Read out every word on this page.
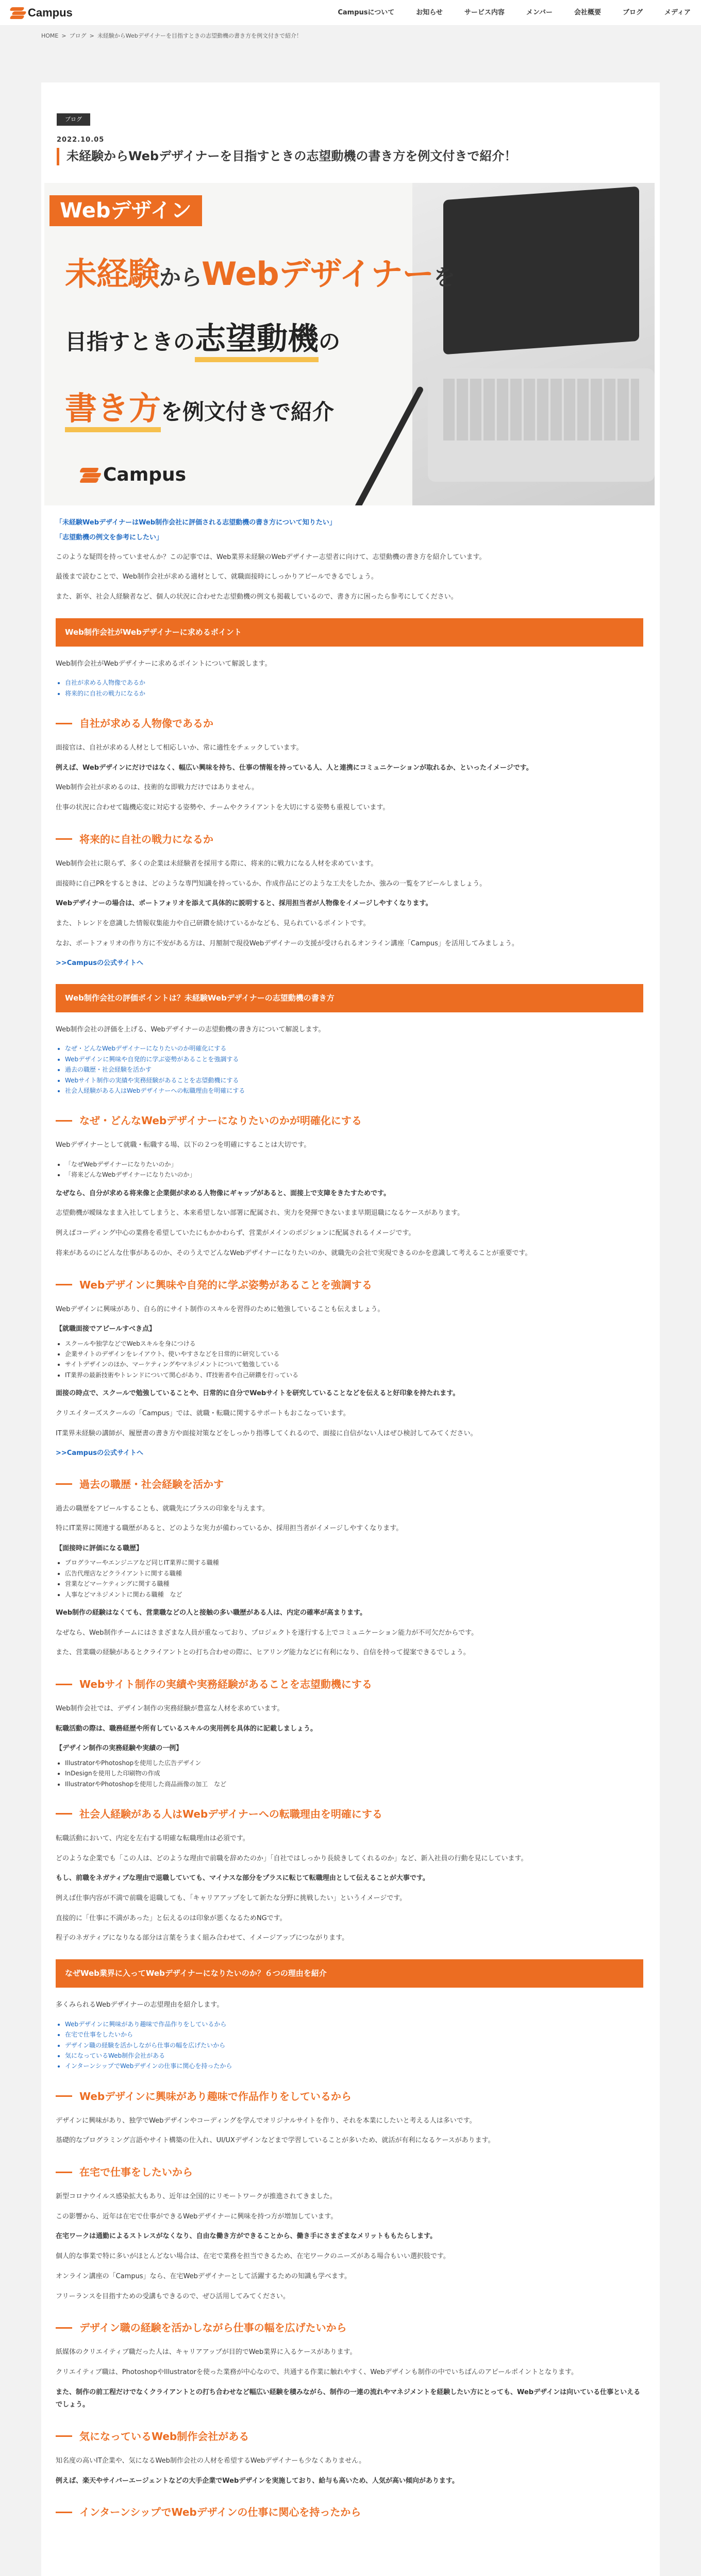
Campus	Campusについて	お知らせ	サービス内容	メンバー	会社概要	ブログ	メディア
HOME > ブログ > 未経験からWebデザイナーを目指すときの志望動機の書き方を例文付きで紹介！
ブログ
2022.10.05
未経験からWebデザイナーを目指すときの志望動機の書き方を例文付きで紹介！
Webデザイン
未経験からWebデザイナーを
目指すときの志望動機の
書き方を例文付きで紹介
Campus
「未経験WebデザイナーはWeb制作会社に評価される志望動機の書き方について知りたい」
「志望動機の例文を参考にしたい」

このような疑問を持っていませんか？この記事では、Web業界未経験のWebデザイナー志望者に向けて、志望動機の書き方を紹介しています。

最後まで読むことで、Web制作会社が求める適材として、就職面接時にしっかりアピールできるでしょう。

また、新卒、社会人経験者など、個人の状況に合わせた志望動機の例文も掲載しているので、書き方に困ったら参考にしてください。

Web制作会社がWebデザイナーに求めるポイント

Web制作会社がWebデザイナーに求めるポイントについて解説します。

• 自社が求める人物像であるか
• 将来的に自社の戦力になるか
自社が求める人物像であるか

面接官は、自社が求める人材として相応しいか、常に適性をチェックしています。

例えば、Webデザインにだけではなく、幅広い興味を持ち、仕事の情報を持っている人、人と連携にコミュニケーションが取れるか、といったイメージです。

Web制作会社が求めるのは、技術的な即戦力だけではありません。

仕事の状況に合わせて臨機応変に対応する姿勢や、チームやクライアントを大切にする姿勢も重視しています。

将来的に自社の戦力になるか

Web制作会社に限らず、多くの企業は未経験者を採用する際に、将来的に戦力になる人材を求めています。

面接時に自己PRをするときは、どのような専門知識を持っているか、作成作品にどのような工夫をしたか、強みの一覧をアピールしましょう。

Webデザイナーの場合は、ポートフォリオを添えて具体的に説明すると、採用担当者が人物像をイメージしやすくなります。

また、トレンドを意識した情報収集能力や自己研鑽を続けているかなども、見られているポイントです。

なお、ポートフォリオの作り方に不安がある方は、月額制で現役Webデザイナーの支援が受けられるオンライン講座「Campus」を活用してみましょう。

>>Campusの公式サイトへ
Web制作会社の評価ポイントは？未経験Webデザイナーの志望動機の書き方

Web制作会社の評価を上げる、Webデザイナーの志望動機の書き方について解説します。

• なぜ・どんなWebデザイナーになりたいのか明確化にする
• Webデザインに興味や自発的に学ぶ姿勢があることを強調する
• 過去の職歴・社会経験を活かす
• Webサイト制作の実績や実務経験があることを志望動機にする
• 社会人経験がある人はWebデザイナーへの転職理由を明確にする
なぜ・どんなWebデザイナーになりたいのかが明確化にする

Webデザイナーとして就職・転職する場、以下の２つを明確にすることは大切です。

• 「なぜWebデザイナーになりたいのか」
• 「将来どんなWebデザイナーになりたいのか」

なぜなら、自分が求める将来像と企業側が求める人物像にギャップがあると、面接上で支障をきたすためです。

志望動機が曖昧なまま入社してしまうと、本来希望しない部署に配属され、実力を発揮できないまま早期退職になるケースがあります。

例えばコーディング中心の業務を希望していたにもかかわらず、営業がメインのポジションに配属されるイメージです。

将来があるのにどんな仕事があるのか、そのうえでどんなWebデザイナーになりたいのか、就職先の会社で実現できるのかを意識して考えることが重要です。

Webデザインに興味や自発的に学ぶ姿勢があることを強調する

Webデザインに興味があり、自ら的にサイト制作のスキルを習得のために勉強していることも伝えましょう。

【就職面接でアピールすべき点】
• スクールや独学などでWebスキルを身につける
• 企業サイトのデザインをレイアウト、使いやすさなどを日常的に研究している
• サイトデザインのほか、マーケティングやマネジメントについて勉強している
• IT業界の最新技術やトレンドについて関心があり、IT技術者や自己研鑽を行っている

面接の時点で、スクールで勉強していることや、日常的に自分でWebサイトを研究していることなどを伝えると好印象を持たれます。

クリエイターズスクールの「Campus」では、就職・転職に関するサポートもおこなっています。

IT業界未経験の講師が、履歴書の書き方や面接対策などをしっかり指導してくれるので、面接に自信がない人はぜひ検討してみてください。

>>Campusの公式サイトへ
過去の職歴・社会経験を活かす

過去の職歴をアピールすることも、就職先にプラスの印象を与えます。

特にIT業界に関連する職歴があると、どのような実力が備わっているか、採用担当者がイメージしやすくなります。

【面接時に評価になる職歴】
• プログラマーやエンジニアなど同じIT業界に関する職種
• 広告代理店などクライアントに関する職種
• 営業などマーケティングに関する職種
• 人事などマネジメントに関わる職種　など

Web制作の経験はなくても、営業職などの人と接触の多い職歴がある人は、内定の確率が高まります。

なぜなら、Web制作チームにはさまざまな人員が重なっており、プロジェクトを遂行する上でコミュニケーション能力が不可欠だからです。

また、営業職の経験があるとクライアントとの打ち合わせの際に、ヒアリング能力などに有利になり、自信を持って提案できるでしょう。

Webサイト制作の実績や実務経験があることを志望動機にする

Web制作会社では、デザイン制作の実務経験が豊富な人材を求めています。

転職活動の際は、職務経歴や所有しているスキルの実用例を具体的に記載しましょう。

【デザイン制作の実務経験や実績の一例】
• IllustratorやPhotoshopを使用した広告デザイン
• InDesignを使用した印刷物の作成
• IllustratorやPhotoshopを使用した商品画像の加工　など
社会人経験がある人はWebデザイナーへの転職理由を明確にする

転職活動において、内定を左右する明確な転職理由は必須です。

どのような企業でも「この人は、どのような理由で前職を辞めたのか」「自社ではしっかり長続きしてくれるのか」など、新入社員の行動を見にしています。

もし、前職をネガティブな理由で退職していても、マイナスな部分をプラスに転じて転職理由として伝えることが大事です。

例えば仕事内容が不満で前職を退職しても、「キャリアアップをして新たな分野に挑戦したい」というイメージです。

直接的に「仕事に不満があった」と伝えるのは印象が悪くなるためNGです。

程子のネガティブになりなる部分は言葉をうまく組み合わせて、イメージアップにつながります。

なぜWeb業界に入ってWebデザイナーになりたいのか？６つの理由を紹介

多くみられるWebデザイナーの志望理由を紹介します。

• Webデザインに興味があり趣味で作品作りをしているから
• 在宅で仕事をしたいから
• デザイン職の経験を活かしながら仕事の幅を広げたいから
• 気になっているWeb制作会社がある
• インターンシップでWebデザインの仕事に関心を持ったから
Webデザインに興味があり趣味で作品作りをしているから

デザインに興味があり、独学でWebデザインやコーディングを学んでオリジナルサイトを作り、それを本業にしたいと考える人は多いです。

基礎的なプログラミング言語やサイト構築の仕入れ、UI/UXデザインなどまで学習していることが多いため、就活が有利になるケースがあります。

在宅で仕事をしたいから

新型コロナウイルス感染拡大もあり、近年は全国的にリモートワークが推進されてきました。

この影響から、近年は在宅で仕事ができるWebデザイナーに興味を持つ方が増加しています。

在宅ワークは通勤によるストレスがなくなり、自由な働き方ができることから、働き手にさまざまなメリットももたらします。

個人的な事業で特に多いがほとんどない場合は、在宅で業務を担当できるため、在宅ワークのニーズがある場合もいい選択肢です。

オンライン講座の「Campus」なら、在宅Webデザイナーとして活躍するための知識も学べます。

フリーランスを目指すための受講もできるので、ぜひ活用してみてください。

デザイン職の経験を活かしながら仕事の幅を広げたいから

紙媒体のクリエイティブ職だった人は、キャリアアップが目的でWeb業界に入るケースがあります。

クリエイティブ職は、PhotoshopやIllustratorを使った業務が中心なので、共通する作業に触れやすく、Webデザインも制作の中でいちばんのアピールポイントとなります。

また、制作の前工程だけでなくクライアントとの打ち合わせなど幅広い経験を積みながら、制作の一連の流れやマネジメントを経験したい方にとっても、Webデザインは向いている仕事といえるでしょう。

気になっているWeb制作会社がある

知名度の高いIT企業や、気になるWeb制作会社の人材を希望するWebデザイナーも少なくありません。

例えば、楽天やサイバーエージェントなどの大手企業でWebデザインを実施しており、給与も高いため、人気が高い傾向があります。

インターンシップでWebデザインの仕事に関心を持ったから
